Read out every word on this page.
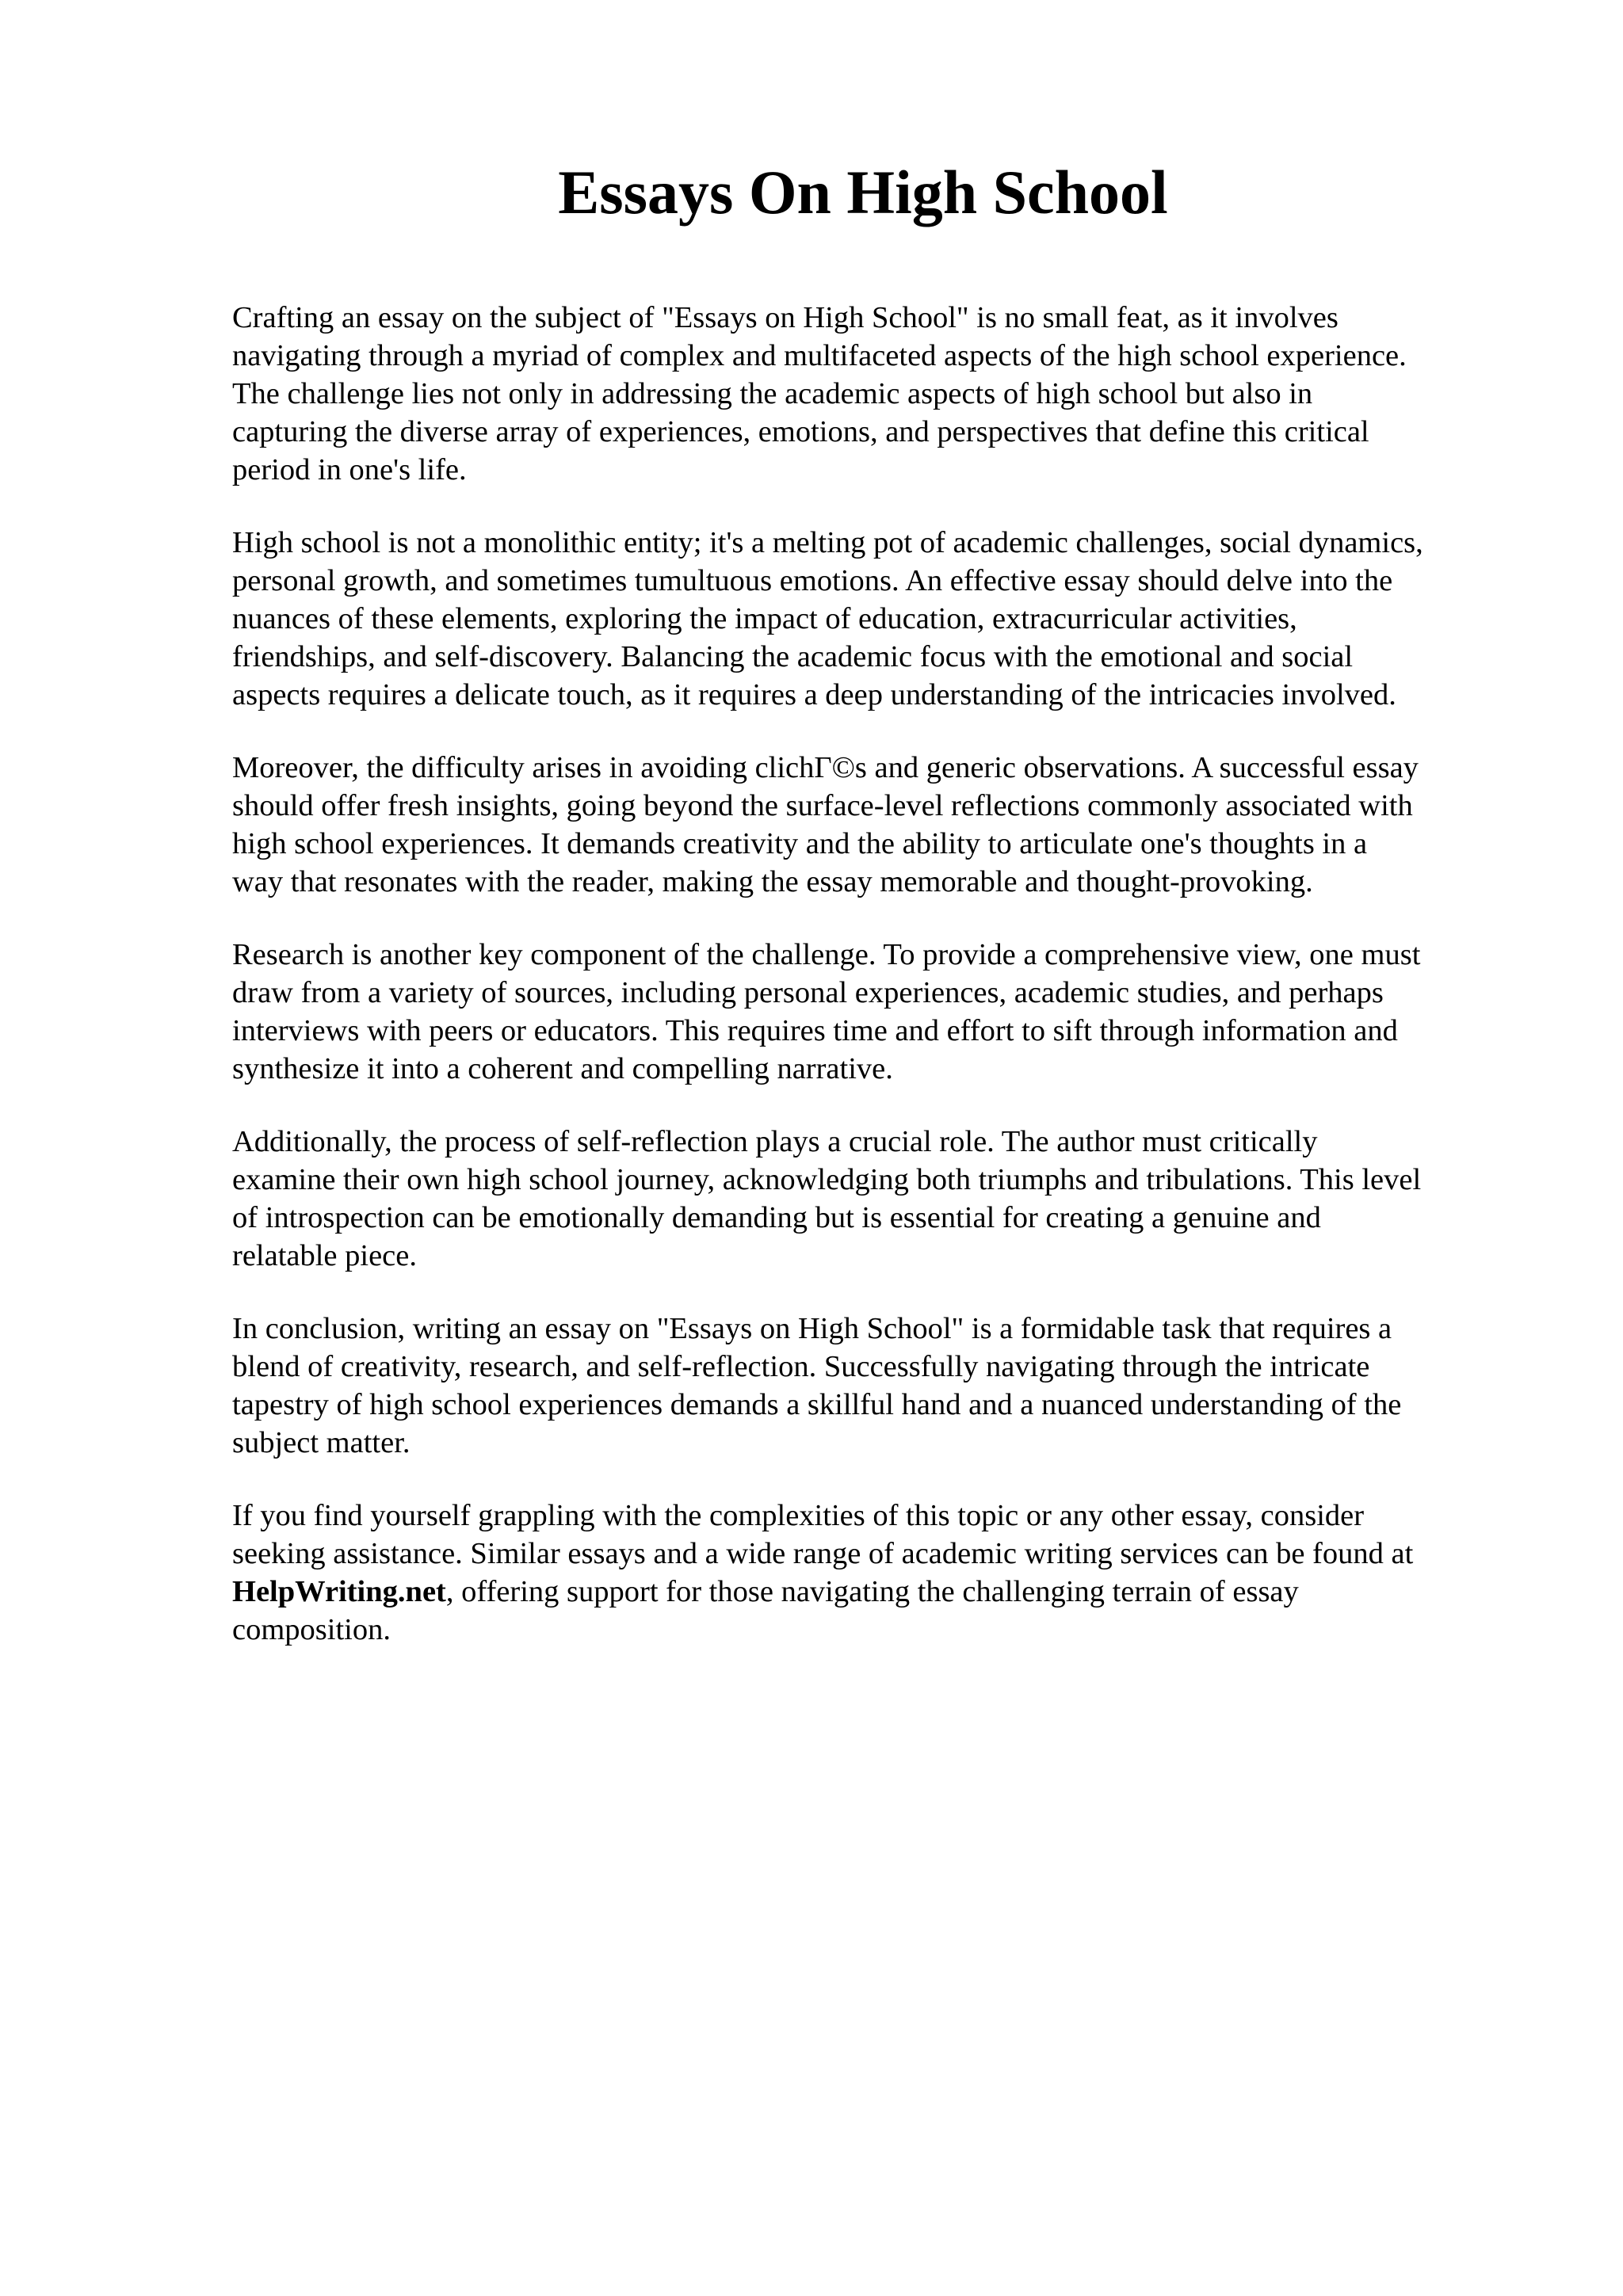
Essays On High School

Crafting an essay on the subject of "Essays on High School" is no small feat, as it involves
navigating through a myriad of complex and multifaceted aspects of the high school experience.
The challenge lies not only in addressing the academic aspects of high school but also in
capturing the diverse array of experiences, emotions, and perspectives that define this critical
period in one's life.

High school is not a monolithic entity; it's a melting pot of academic challenges, social dynamics,
personal growth, and sometimes tumultuous emotions. An effective essay should delve into the
nuances of these elements, exploring the impact of education, extracurricular activities,
friendships, and self-discovery. Balancing the academic focus with the emotional and social
aspects requires a delicate touch, as it requires a deep understanding of the intricacies involved.

Moreover, the difficulty arises in avoiding clichГ©s and generic observations. A successful essay
should offer fresh insights, going beyond the surface-level reflections commonly associated with
high school experiences. It demands creativity and the ability to articulate one's thoughts in a
way that resonates with the reader, making the essay memorable and thought-provoking.

Research is another key component of the challenge. To provide a comprehensive view, one must
draw from a variety of sources, including personal experiences, academic studies, and perhaps
interviews with peers or educators. This requires time and effort to sift through information and
synthesize it into a coherent and compelling narrative.

Additionally, the process of self-reflection plays a crucial role. The author must critically
examine their own high school journey, acknowledging both triumphs and tribulations. This level
of introspection can be emotionally demanding but is essential for creating a genuine and
relatable piece.

In conclusion, writing an essay on "Essays on High School" is a formidable task that requires a
blend of creativity, research, and self-reflection. Successfully navigating through the intricate
tapestry of high school experiences demands a skillful hand and a nuanced understanding of the
subject matter.

If you find yourself grappling with the complexities of this topic or any other essay, consider
seeking assistance. Similar essays and a wide range of academic writing services can be found at
HelpWriting.net, offering support for those navigating the challenging terrain of essay
composition.
